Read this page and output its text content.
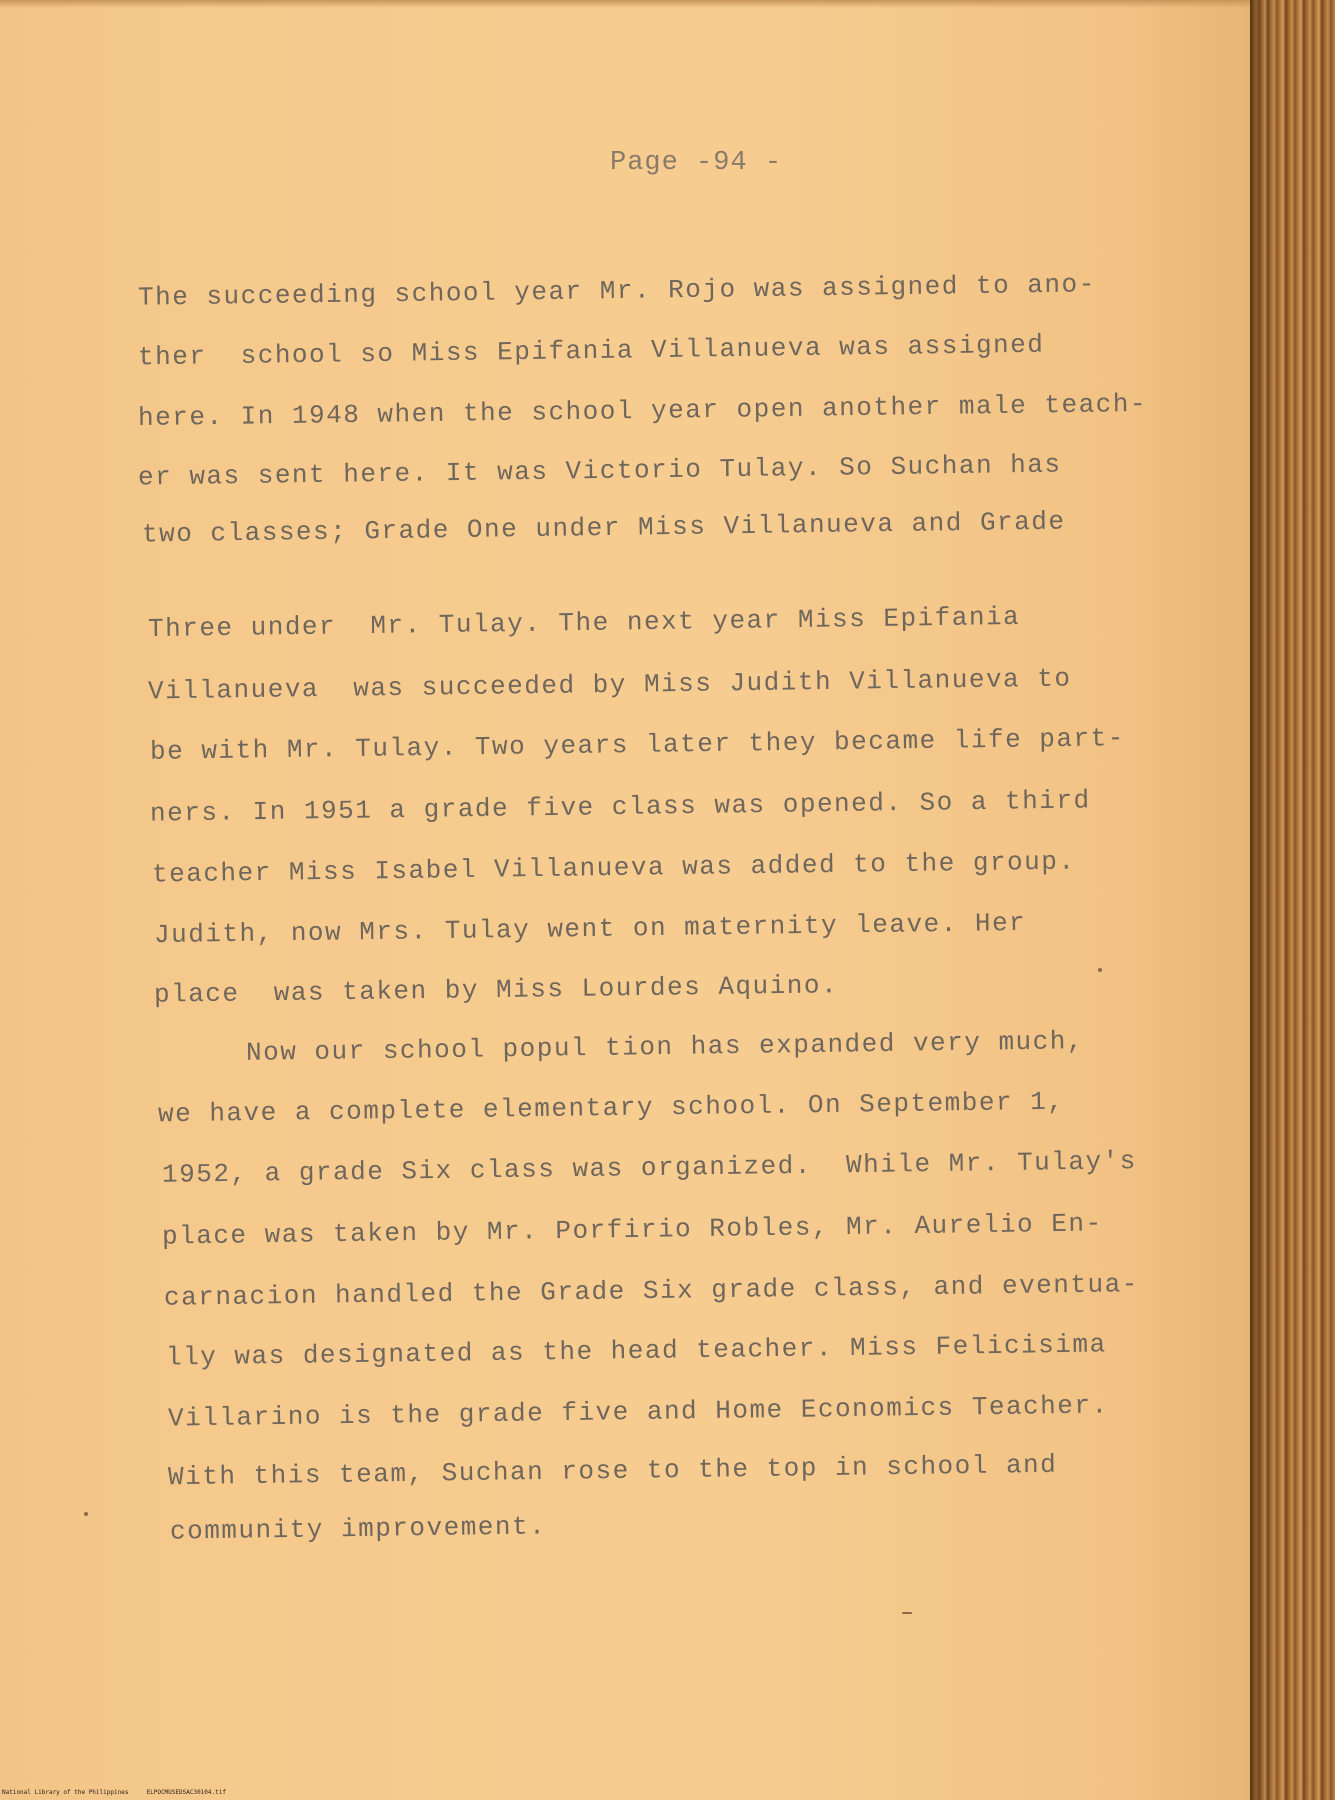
Page -94 -
The succeeding school year Mr. Rojo was assigned to ano-
ther  school so Miss Epifania Villanueva was assigned
here. In 1948 when the school year open another male teach-
er was sent here. It was Victorio Tulay. So Suchan has
two classes; Grade One under Miss Villanueva and Grade
Three under  Mr. Tulay. The next year Miss Epifania
Villanueva  was succeeded by Miss Judith Villanueva to
be with Mr. Tulay. Two years later they became life part-
ners. In 1951 a grade five class was opened. So a third
teacher Miss Isabel Villanueva was added to the group.
Judith, now Mrs. Tulay went on maternity leave. Her
place  was taken by Miss Lourdes Aquino.
Now our school popul tion has expanded very much,
we have a complete elementary school. On September 1,
1952, a grade Six class was organized.  While Mr. Tulay's
place was taken by Mr. Porfirio Robles, Mr. Aurelio En-
carnacion handled the Grade Six grade class, and eventua-
lly was designated as the head teacher. Miss Felicisima
Villarino is the grade five and Home Economics Teacher.
With this team, Suchan rose to the top in school and
community improvement.
National Library of the Philippines     ELPOCMUSEDSAC30104.tif
